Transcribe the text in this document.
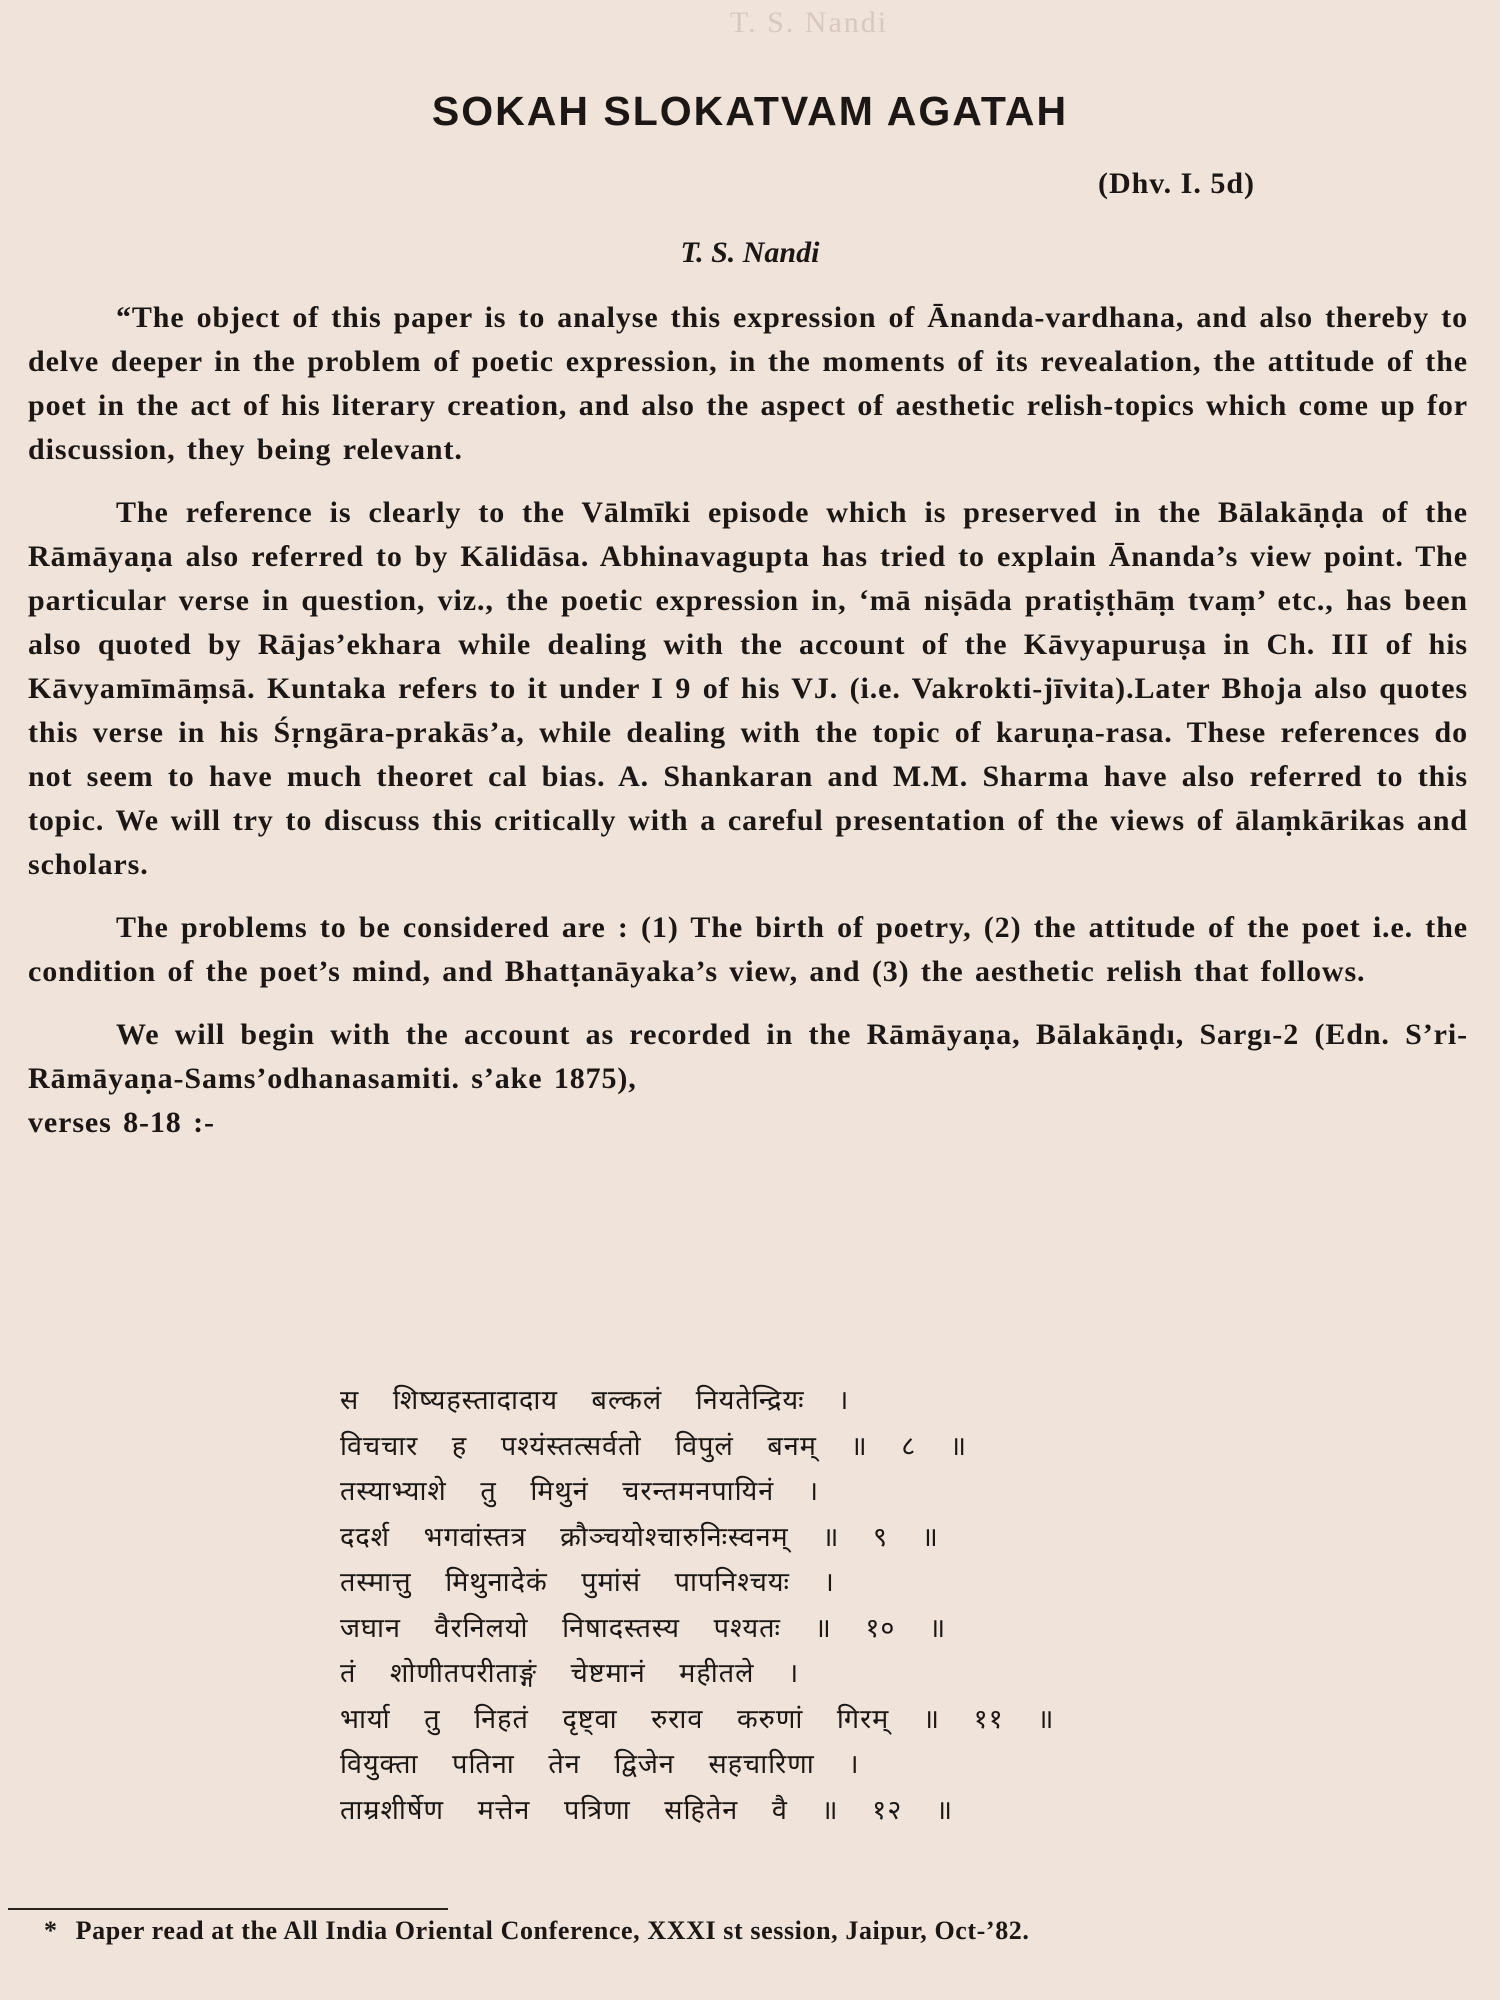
T. S. Nandi
SOKAH SLOKATVAM AGATAH
(Dhv. I. 5d)
T. S. Nandi

“The object of this paper is to analyse this expression of Ānanda-vardhana, and also thereby to delve deeper in the problem of poetic expression, in the moments of its revealation, the attitude of the poet in the act of his literary creation, and also the aspect of aesthetic relish-topics which come up for discussion, they being relevant.

The reference is clearly to the Vālmīki episode which is preserved in the Bālakāṇḍa of the Rāmāyaṇa also referred to by Kālidāsa. Abhinavagupta has tried to explain Ānanda’s view point. The particular verse in question, viz., the poetic expression in, ‘mā niṣāda pratiṣṭhāṃ tvaṃ’ etc., has been also quoted by Rājas’ekhara while dealing with the account of the Kāvyapuruṣa in Ch. III of his Kāvyamīmāṃsā. Kuntaka refers to it under I 9 of his VJ. (i.e. Vakrokti-jīvita).Later Bhoja also quotes this verse in his Śṛngāra-prakās’a, while dealing with the topic of karuṇa-rasa. These references do not seem to have much theoret cal bias. A. Shankaran and M.M. Sharma have also referred to this topic. We will try to discuss this critically with a careful presentation of the views of ālaṃkārikas and scholars.

The problems to be considered are : (1) The birth of poetry, (2) the attitude of the poet i.e. the condition of the poet’s mind, and Bhatṭanāyaka’s view, and (3) the aesthetic relish that follows.

We will begin with the account as recorded in the Rāmāyaṇa, Bālakāṇḍı, Sargı-2 (Edn. S’ri-Rāmāyaṇa-Sams’odhanasamiti. s’ake 1875),

verses 8-18 :-
स शिष्यहस्तादादाय बल्कलं नियतेन्द्रियः ।
विचचार ह पश्यंस्तत्सर्वतो विपुलं बनम् ॥ ८ ॥
तस्याभ्याशे तु मिथुनं चरन्तमनपायिनं ।
ददर्श भगवांस्तत्र क्रौञ्चयोश्चारुनिःस्वनम् ॥ ९ ॥
तस्मात्तु मिथुनादेकं पुमांसं पापनिश्चयः ।
जघान वैरनिलयो निषादस्तस्य पश्यतः ॥ १० ॥
तं शोणीतपरीताङ्गं चेष्टमानं महीतले ।
भार्या तु निहतं दृष्ट्वा रुराव करुणां गिरम् ॥ ११ ॥
वियुक्ता पतिना तेन द्विजेन सहचारिणा ।
ताम्रशीर्षेण मत्तेन पत्रिणा सहितेन वै ॥ १२ ॥
* Paper read at the All India Oriental Conference, XXXI st session, Jaipur, Oct-’82.
